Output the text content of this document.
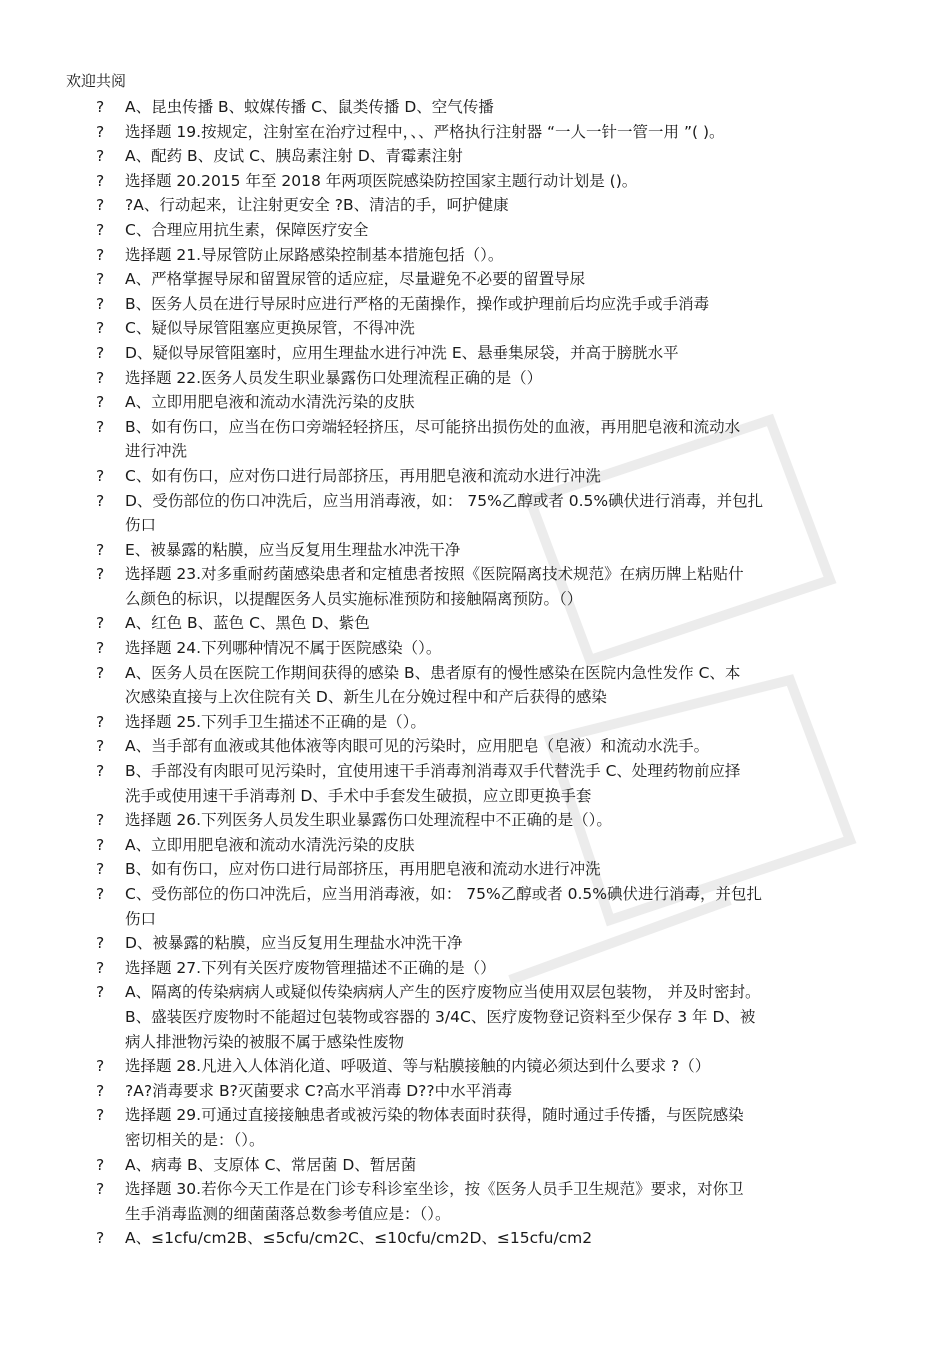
欢迎共阅
? A、昆虫传播 B、蚊媒传播 C、鼠类传播 D、空气传播
? 选择题 19.按规定，注射室在治疗过程中，、、严格执行注射器 “一人一针一管一用 ”( )。
? A、配药 B、皮试 C、胰岛素注射 D、青霉素注射
? 选择题 20.2015 年至 2018 年两项医院感染防控国家主题行动计划是 ()。
? ?A、行动起来，让注射更安全 ?B、清洁的手，呵护健康
? C、合理应用抗生素，保障医疗安全
? 选择题 21.导尿管防止尿路感染控制基本措施包括（）。
? A、严格掌握导尿和留置尿管的适应症，尽量避免不必要的留置导尿
? B、医务人员在进行导尿时应进行严格的无菌操作，操作或护理前后均应洗手或手消毒
? C、疑似导尿管阻塞应更换尿管，不得冲洗
? D、疑似导尿管阻塞时，应用生理盐水进行冲洗 E、悬垂集尿袋，并高于膀胱水平
? 选择题 22.医务人员发生职业暴露伤口处理流程正确的是（）
? A、立即用肥皂液和流动水清洗污染的皮肤
? B、如有伤口，应当在伤口旁端轻轻挤压，尽可能挤出损伤处的血液，再用肥皂液和流动水
进行冲洗
? C、如有伤口，应对伤口进行局部挤压，再用肥皂液和流动水进行冲洗
? D、受伤部位的伤口冲洗后，应当用消毒液，如： 75%乙醇或者 0.5%碘伏进行消毒，并包扎
伤口
? E、被暴露的粘膜，应当反复用生理盐水冲洗干净
? 选择题 23.对多重耐药菌感染患者和定植患者按照《医院隔离技术规范》在病历牌上粘贴什
么颜色的标识，以提醒医务人员实施标准预防和接触隔离预防。（）
? A、红色 B、蓝色 C、黑色 D、紫色
? 选择题 24.下列哪种情况不属于医院感染（）。
? A、医务人员在医院工作期间获得的感染 B、患者原有的慢性感染在医院内急性发作 C、本
次感染直接与上次住院有关 D、新生儿在分娩过程中和产后获得的感染
? 选择题 25.下列手卫生描述不正确的是（）。
? A、当手部有血液或其他体液等肉眼可见的污染时，应用肥皂（皂液）和流动水洗手。
? B、手部没有肉眼可见污染时，宜使用速干手消毒剂消毒双手代替洗手 C、处理药物前应择
洗手或使用速干手消毒剂 D、手术中手套发生破损，应立即更换手套
? 选择题 26.下列医务人员发生职业暴露伤口处理流程中不正确的是（）。
? A、立即用肥皂液和流动水清洗污染的皮肤
? B、如有伤口，应对伤口进行局部挤压，再用肥皂液和流动水进行冲洗
? C、受伤部位的伤口冲洗后，应当用消毒液，如： 75%乙醇或者 0.5%碘伏进行消毒，并包扎
伤口
? D、被暴露的粘膜，应当反复用生理盐水冲洗干净
? 选择题 27.下列有关医疗废物管理描述不正确的是（）
? A、隔离的传染病病人或疑似传染病病人产生的医疗废物应当使用双层包装物， 并及时密封。
B、盛装医疗废物时不能超过包装物或容器的 3/4C、医疗废物登记资料至少保存 3 年 D、被
病人排泄物污染的被服不属于感染性废物
? 选择题 28.凡进入人体消化道、呼吸道、等与粘膜接触的内镜必须达到什么要求 ?（）
? ?A?消毒要求 B?灭菌要求 C?高水平消毒 D??中水平消毒
? 选择题 29.可通过直接接触患者或被污染的物体表面时获得，随时通过手传播，与医院感染
密切相关的是：（）。
? A、病毒 B、支原体 C、常居菌 D、暂居菌
? 选择题 30.若你今天工作是在门诊专科诊室坐诊，按《医务人员手卫生规范》要求，对你卫
生手消毒监测的细菌菌落总数参考值应是：（）。
? A、≤1cfu/cm2B、≤5cfu/cm2C、≤10cfu/cm2D、≤15cfu/cm2
